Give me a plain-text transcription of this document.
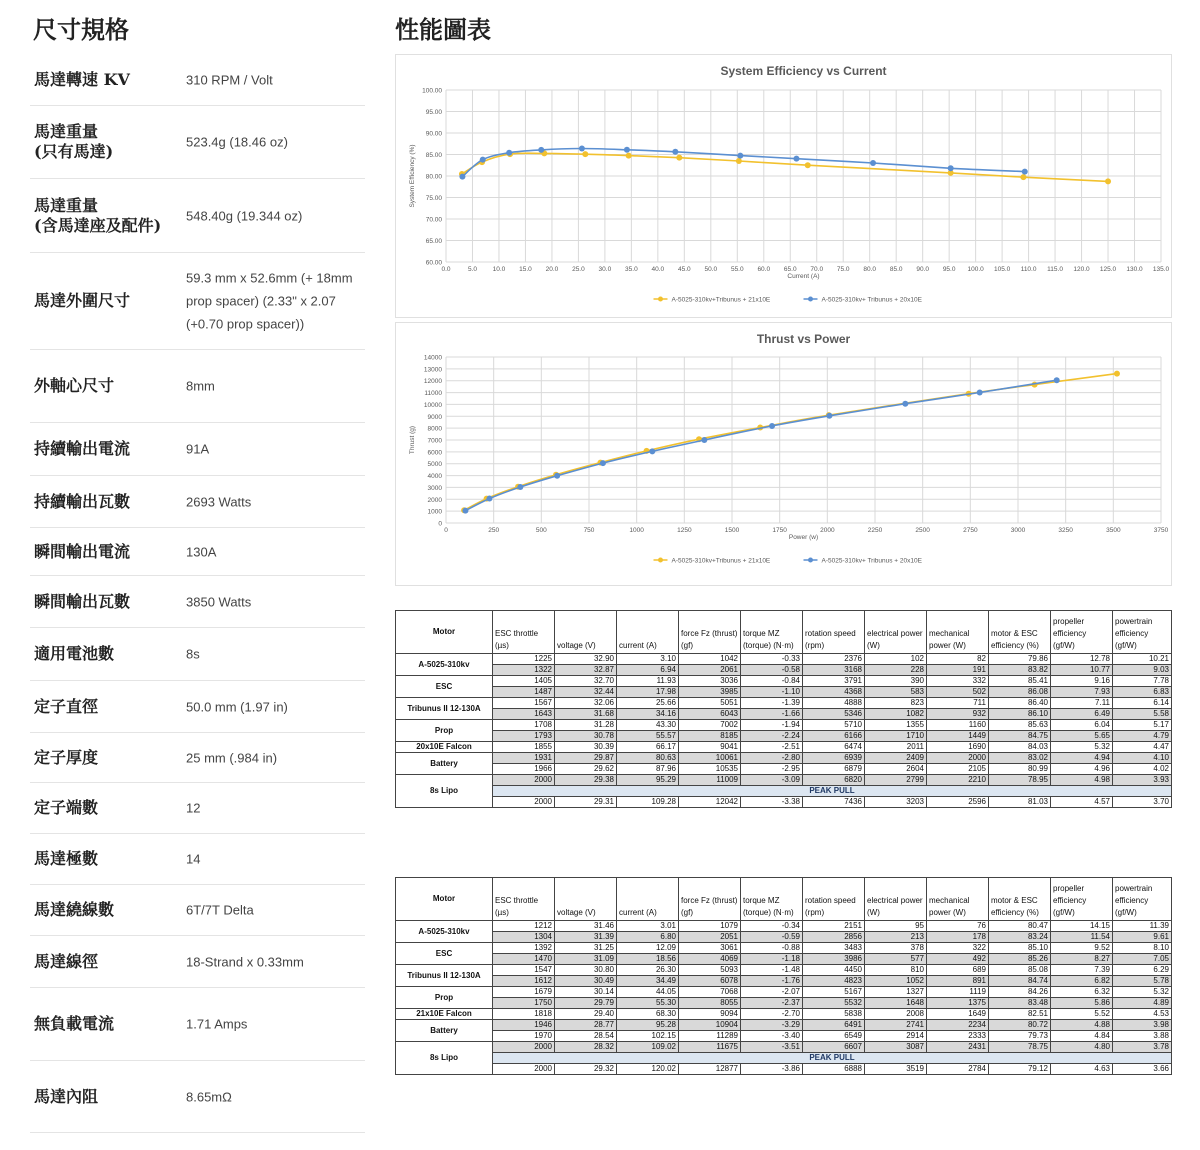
尺寸規格
馬達轉速 KV	310 RPM / Volt
馬達重量
(只有馬達)	523.4g (18.46 oz)
馬達重量
(含馬達座及配件)	548.40g (19.344 oz)
馬達外圍尺寸
59.3 mm x 52.6mm (+ 18mm prop spacer) (2.33" x 2.07 (+0.70 prop spacer))
外軸心尺寸	8mm
持續輸出電流	91A
持續輸出瓦數	2693 Watts
瞬間輸出電流	130A
瞬間輸出瓦數	3850 Watts
適用電池數	8s
定子直徑	50.0 mm (1.97 in)
定子厚度	25 mm (.984 in)
定子端數	12
馬達極數	14
馬達繞線數	6T/7T Delta
馬達線徑	18-Strand x 0.33mm
無負載電流	1.71 Amps
馬達內阻	8.65mΩ
性能圖表
System Efficiency vs Current
60.00
65.00
70.00
75.00
80.00
85.00
90.00
95.00
100.00
0.0	5.0 10.0 15.0 20.0 25.0 30.0 35.0 40.0 45.0 50.0 55.0 60.0 65.0 70.0 75.0 80.0 85.0 90.0 95.0 100.0 105.0 110.0 115.0 120.0 125.0 130.0 135.0
Current (A)
System Efficiency (%)
A-5025-310kv+Tribunus + 21x10E	A-5025-310kv+ Tribunus + 20x10E
Thrust vs Power
0
1000
2000
3000
4000
5000
6000
7000
8000
9000
10000
11000
12000
13000
14000
0	250	500	750	1000	1250	1500	1750	2000	2250	2500	2750	3000	3250	3500	3750
Power (w)
Thrust (g)
A-5025-310kv+Tribunus + 21x10E	A-5025-310kv+ Tribunus + 20x10E
Motor	ESC throttle (µs)	voltage (V)	current (A)	force Fz (thrust) (gf)	torque MZ (torque) (N·m)	rotation speed (rpm)	electrical power (W)	mechanical power (W)	motor & ESC efficiency (%)	propeller efficiency (gf/W)	powertrain efficiency (gf/W)
A-5025-310kv	1225	32.90	3.10	1042	-0.33	2376	102	82	79.86	12.78	10.21
	1322	32.87	6.94	2061	-0.58	3168	228	191	83.82	10.77	9.03
ESC	1405	32.70	11.93	3036	-0.84	3791	390	332	85.41	9.16	7.78
	1487	32.44	17.98	3985	-1.10	4368	583	502	86.08	7.93	6.83
Tribunus II 12-130A	1567	32.06	25.66	5051	-1.39	4888	823	711	86.40	7.11	6.14
	1643	31.68	34.16	6043	-1.66	5346	1082	932	86.10	6.49	5.58
Prop	1708	31.28	43.30	7002	-1.94	5710	1355	1160	85.63	6.04	5.17
	1793	30.78	55.57	8185	-2.24	6166	1710	1449	84.75	5.65	4.79
20x10E Falcon	1855	30.39	66.17	9041	-2.51	6474	2011	1690	84.03	5.32	4.47
Battery	1931	29.87	80.63	10061	-2.80	6939	2409	2000	83.02	4.94	4.10
	1966	29.62	87.96	10535	-2.95	6879	2604	2105	80.99	4.96	4.02
8s Lipo	2000	29.38	95.29	11009	-3.09	6820	2799	2210	78.95	4.98	3.93
	PEAK PULL										
	2000	29.31	109.28	12042	-3.38	7436	3203	2596	81.03	4.57	3.70
Motor	ESC throttle (µs)	voltage (V)	current (A)	force Fz (thrust) (gf)	torque MZ (torque) (N·m)	rotation speed (rpm)	electrical power (W)	mechanical power (W)	motor & ESC efficiency (%)	propeller efficiency (gf/W)	powertrain efficiency (gf/W)
A-5025-310kv	1212	31.46	3.01	1079	-0.34	2151	95	76	80.47	14.15	11.39
	1304	31.39	6.80	2051	-0.59	2856	213	178	83.24	11.54	9.61
ESC	1392	31.25	12.09	3061	-0.88	3483	378	322	85.10	9.52	8.10
	1470	31.09	18.56	4069	-1.18	3986	577	492	85.26	8.27	7.05
Tribunus II 12-130A	1547	30.80	26.30	5093	-1.48	4450	810	689	85.08	7.39	6.29
	1612	30.49	34.49	6078	-1.76	4823	1052	891	84.74	6.82	5.78
Prop	1679	30.14	44.05	7068	-2.07	5167	1327	1119	84.26	6.32	5.32
	1750	29.79	55.30	8055	-2.37	5532	1648	1375	83.48	5.86	4.89
21x10E Falcon	1818	29.40	68.30	9094	-2.70	5838	2008	1649	82.51	5.52	4.53
Battery	1946	28.77	95.28	10904	-3.29	6491	2741	2234	80.72	4.88	3.98
	1970	28.54	102.15	11289	-3.40	6549	2914	2333	79.73	4.84	3.88
8s Lipo	2000	28.32	109.02	11675	-3.51	6607	3087	2431	78.75	4.80	3.78
	PEAK PULL										
	2000	29.32	120.02	12877	-3.86	6888	3519	2784	79.12	4.63	3.66
